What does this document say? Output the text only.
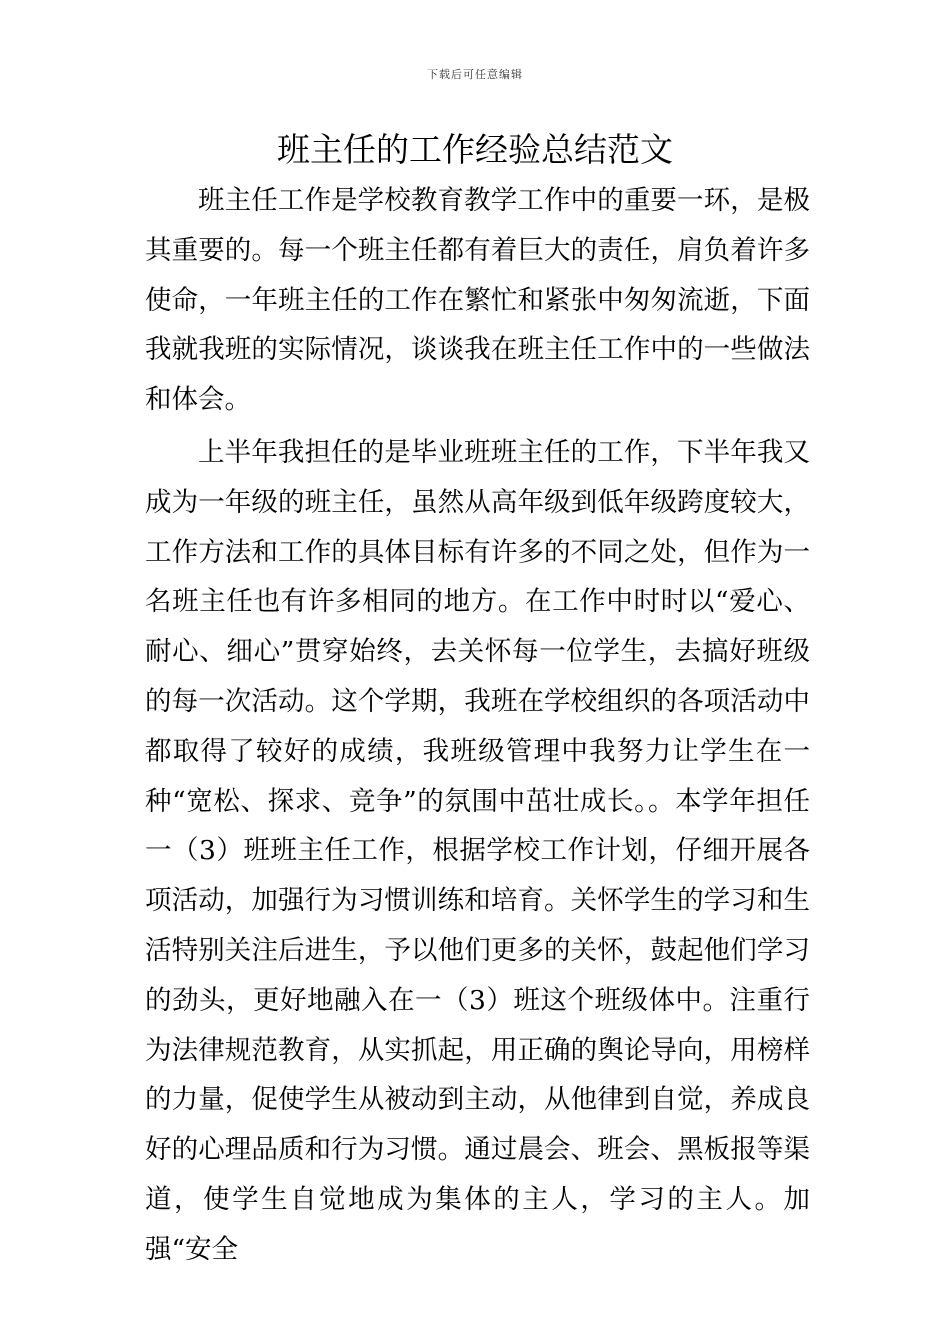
下载后可任意编辑
班主任的工作经验总结范文

班主任工作是学校教育教学工作中的重要一环，是极其重要的。每一个班主任都有着巨大的责任，肩负着许多使命，一年班主任的工作在繁忙和紧张中匆匆流逝，下面我就我班的实际情况，谈谈我在班主任工作中的一些做法和体会。

上半年我担任的是毕业班班主任的工作，下半年我又成为一年级的班主任，虽然从高年级到低年级跨度较大，工作方法和工作的具体目标有许多的不同之处，但作为一名班主任也有许多相同的地方。在工作中时时以“爱心、耐心、细心”贯穿始终，去关怀每一位学生，去搞好班级的每一次活动。这个学期，我班在学校组织的各项活动中都取得了较好的成绩，我班级管理中我努力让学生在一种“宽松、探求、竞争”的氛围中茁壮成长。。本学年担任一（3）班班主任工作，根据学校工作计划，仔细开展各项活动，加强行为习惯训练和培育。关怀学生的学习和生活特别关注后进生，予以他们更多的关怀，鼓起他们学习的劲头，更好地融入在一（3）班这个班级体中。注重行为法律规范教育，从实抓起，用正确的舆论导向，用榜样的力量，促使学生从被动到主动，从他律到自觉，养成良好的心理品质和行为习惯。通过晨会、班会、黑板报等渠道，使学生自觉地成为集体的主人，学习的主人。加强“安全
